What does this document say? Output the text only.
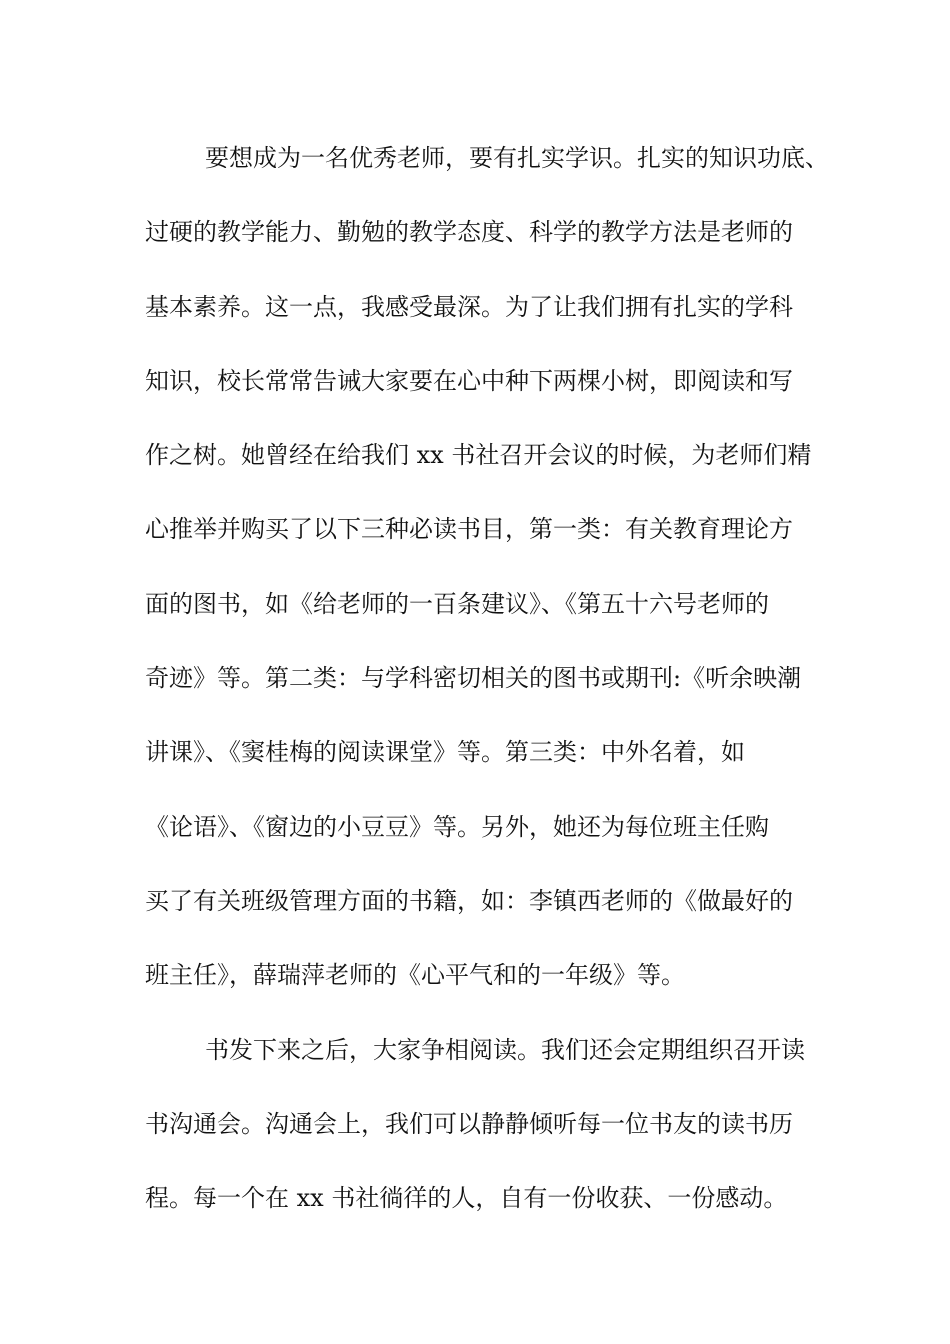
要想成为一名优秀老师，要有扎实学识。扎实的知识功底、
过硬的教学能力、勤勉的教学态度、科学的教学方法是老师的
基本素养。这一点，我感受最深。为了让我们拥有扎实的学科
知识，校长常常告诫大家要在心中种下两棵小树，即阅读和写
作之树。她曾经在给我们 xx 书社召开会议的时候，为老师们精
心推举并购买了以下三种必读书目，第一类：有关教育理论方
面的图书，如《给老师的一百条建议》、《第五十六号老师的
奇迹》等。第二类：与学科密切相关的图书或期刊:《听余映潮
讲课》、《窦桂梅的阅读课堂》等。第三类：中外名着，如
《论语》、《窗边的小豆豆》等。另外，她还为每位班主任购
买了有关班级管理方面的书籍，如：李镇西老师的《做最好的
班主任》，薛瑞萍老师的《心平气和的一年级》等。
书发下来之后，大家争相阅读。我们还会定期组织召开读
书沟通会。沟通会上，我们可以静静倾听每一位书友的读书历
程。每一个在 xx 书社徜徉的人，自有一份收获、一份感动。
